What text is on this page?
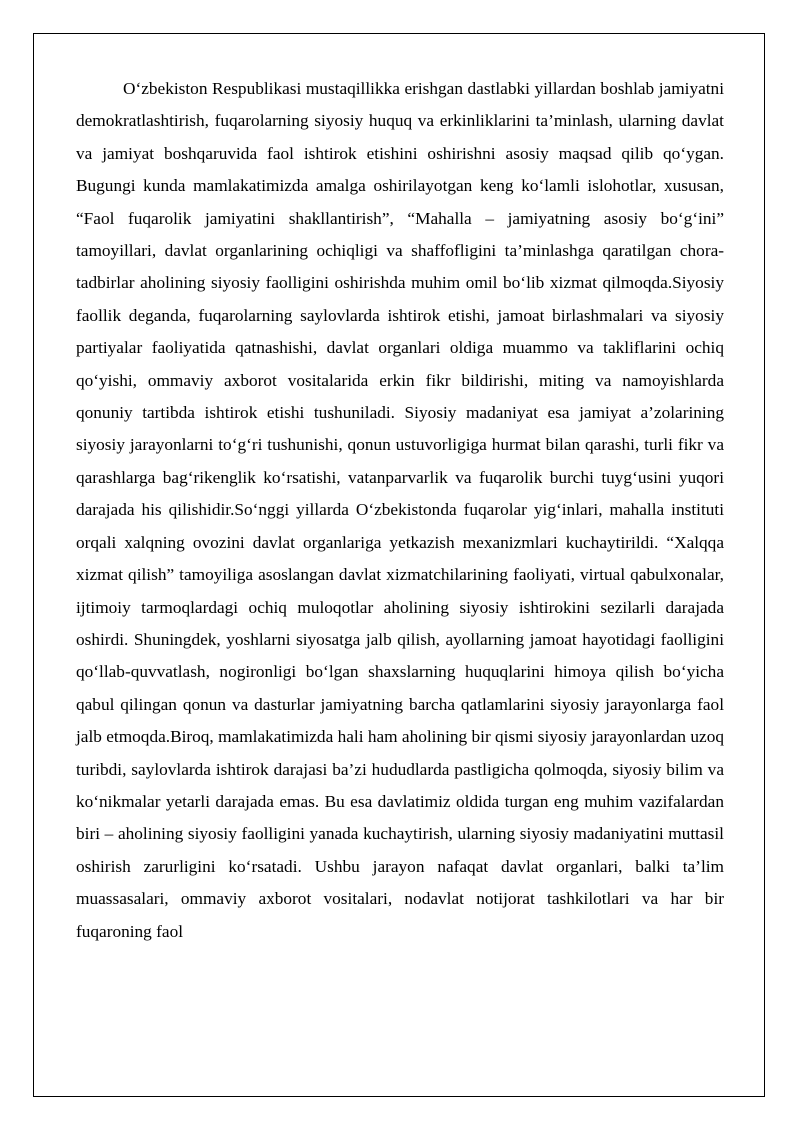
O‘zbekiston Respublikasi mustaqillikka erishgan dastlabki yillardan boshlab jamiyatni demokratlashtirish, fuqarolarning siyosiy huquq va erkinliklarini ta’minlash, ularning davlat va jamiyat boshqaruvida faol ishtirok etishini oshirishni asosiy maqsad qilib qo‘ygan. Bugungi kunda mamlakatimizda amalga oshirilayotgan keng ko‘lamli islohotlar, xususan, “Faol fuqarolik jamiyatini shakllantirish”, “Mahalla – jamiyatning asosiy bo‘g‘ini” tamoyillari, davlat organlarining ochiqligi va shaffofligini ta’minlashga qaratilgan chora-tadbirlar aholining siyosiy faolligini oshirishda muhim omil bo‘lib xizmat qilmoqda.Siyosiy faollik deganda, fuqarolarning saylovlarda ishtirok etishi, jamoat birlashmalari va siyosiy partiyalar faoliyatida qatnashishi, davlat organlari oldiga muammo va takliflarini ochiq qo‘yishi, ommaviy axborot vositalarida erkin fikr bildirishi, miting va namoyishlarda qonuniy tartibda ishtirok etishi tushuniladi. Siyosiy madaniyat esa jamiyat a’zolarining siyosiy jarayonlarni to‘g‘ri tushunishi, qonun ustuvorligiga hurmat bilan qarashi, turli fikr va qarashlarga bag‘rikenglik ko‘rsatishi, vatanparvarlik va fuqarolik burchi tuyg‘usini yuqori darajada his qilishidir.So‘nggi yillarda O‘zbekistonda fuqarolar yig‘inlari, mahalla instituti orqali xalqning ovozini davlat organlariga yetkazish mexanizmlari kuchaytirildi. “Xalqqa xizmat qilish” tamoyiliga asoslangan davlat xizmatchilarining faoliyati, virtual qabulxonalar, ijtimoiy tarmoqlardagi ochiq muloqotlar aholining siyosiy ishtirokini sezilarli darajada oshirdi. Shuningdek, yoshlarni siyosatga jalb qilish, ayollarning jamoat hayotidagi faolligini qo‘llab-quvvatlash, nogironligi bo‘lgan shaxslarning huquqlarini himoya qilish bo‘yicha qabul qilingan qonun va dasturlar jamiyatning barcha qatlamlarini siyosiy jarayonlarga faol jalb etmoqda.Biroq, mamlakatimizda hali ham aholining bir qismi siyosiy jarayonlardan uzoq turibdi, saylovlarda ishtirok darajasi ba’zi hududlarda pastligicha qolmoqda, siyosiy bilim va ko‘nikmalar yetarli darajada emas. Bu esa davlatimiz oldida turgan eng muhim vazifalardan biri – aholining siyosiy faolligini yanada kuchaytirish, ularning siyosiy madaniyatini muttasil oshirish zarurligini ko‘rsatadi. Ushbu jarayon nafaqat davlat organlari, balki ta’lim muassasalari, ommaviy axborot vositalari, nodavlat notijorat tashkilotlari va har bir fuqaroning faol
